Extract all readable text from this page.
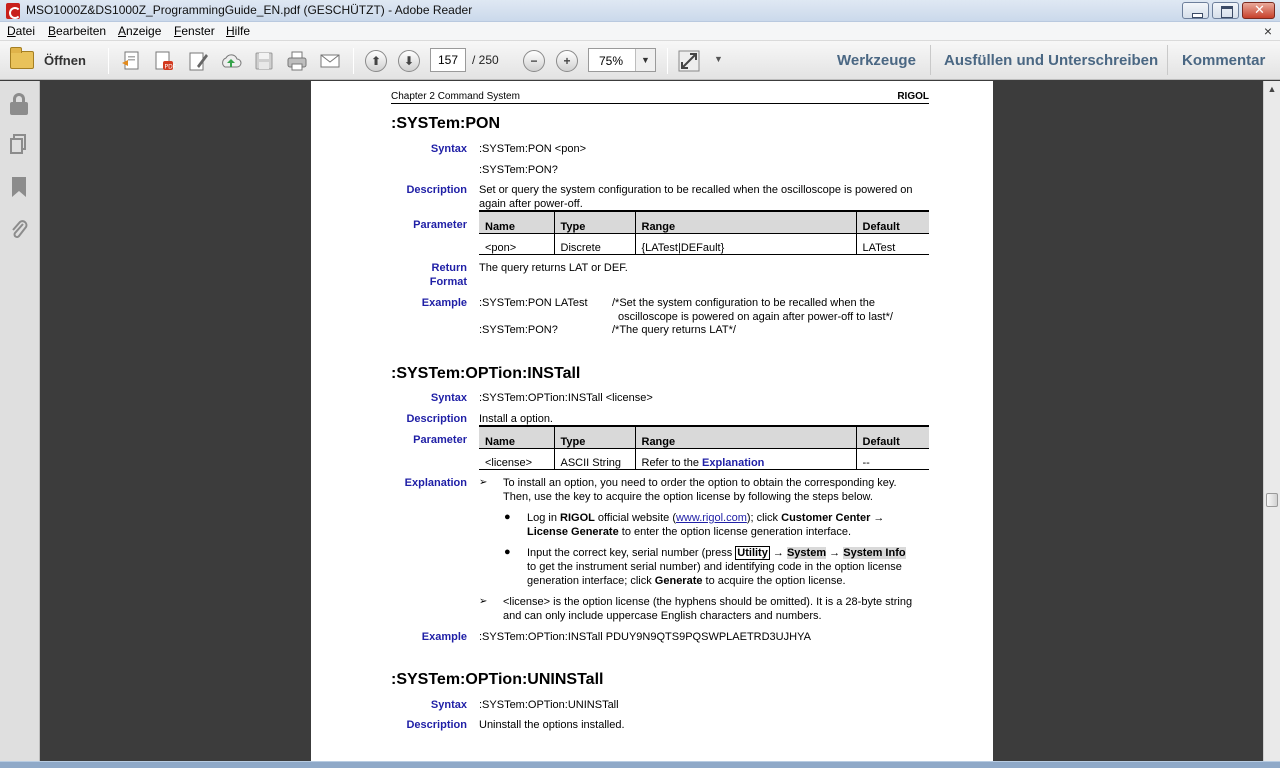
MSO1000Z&DS1000Z_ProgrammingGuide_EN.pdf (GESCHÜTZT) - Adobe Reader	✕
Datei Bearbeiten Anzeige Fenster Hilfe	×
Öffnen	PDF	⬆	⬇	−	+	▼
157
/ 250	75%	▼	Werkzeuge Ausfüllen und Unterschreiben Kommentar
Chapter 2 Command System	RIGOL
:SYSTem:PON
Syntax :SYSTem:PON <pon>
:SYSTem:PON?
Description Set or query the system configuration to be recalled when the oscilloscope is powered on
again after power-off.
Parameter Name	Type	Range	Default
<pon>	Discrete	{LATest|DEFault}	LATest
Return
Format
The query returns LAT or DEF.
Example :SYSTem:PON LATest /*Set the system configuration to be recalled when the
oscilloscope is powered on again after power-off to last*/
:SYSTem:PON?	/*The query returns LAT*/
:SYSTem:OPTion:INSTall
Syntax :SYSTem:OPTion:INSTall <license>
Description Install a option.
Parameter Name	Type	Range	Default
<license>	ASCII String	Refer to the Explanation	--
Explanation ➢ To install an option, you need to order the option to obtain the corresponding key.
Then, use the key to acquire the option license by following the steps below.
● Log in RIGOL official website (www.rigol.com); click Customer Center →
License Generate to enter the option license generation interface.
● Input the correct key, serial number (press Utility → System → System Info
to get the instrument serial number) and identifying code in the option license
generation interface; click Generate to acquire the option license.
➢ <license> is the option license (the hyphens should be omitted). It is a 28-byte string
and can only include uppercase English characters and numbers.
Example :SYSTem:OPTion:INSTall PDUY9N9QTS9PQSWPLAETRD3UJHYA
:SYSTem:OPTion:UNINSTall
Syntax :SYSTem:OPTion:UNINSTall
Description Uninstall the options installed.
▲
